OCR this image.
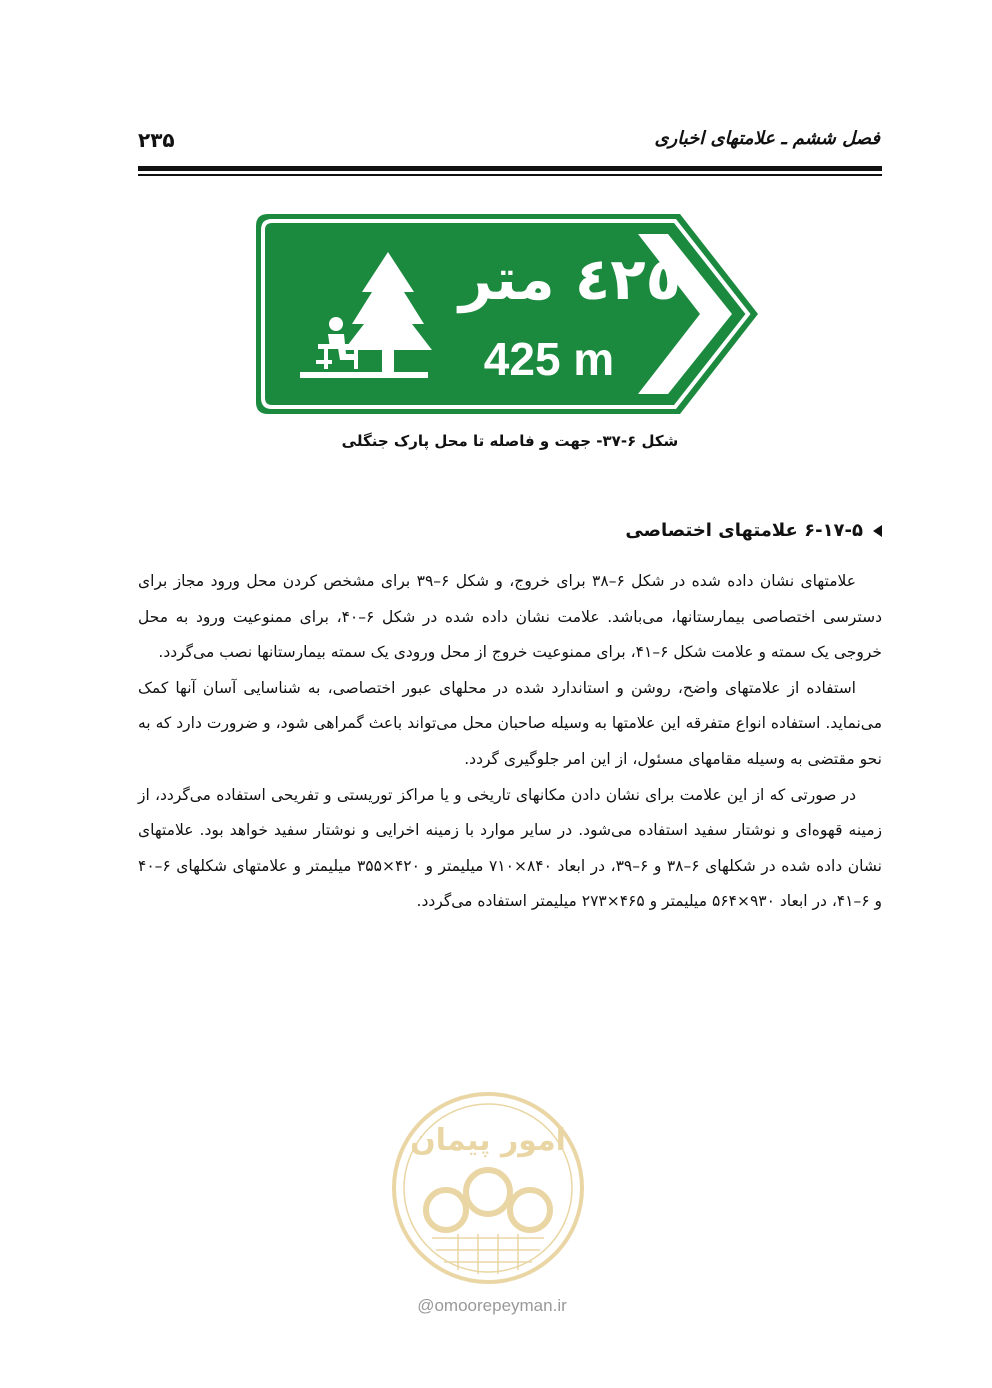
۲۳۵	فصل ششم ـ علامتهای اخباری
٤٢٥ متر
425 m
شکل ۶-۳۷- جهت و فاصله تا محل پارک جنگلی
۶-۱۷-۵ علامتهای اختصاصی

علامتهای نشان داده شده در شکل ۶–۳۸ برای خروج، و شکل ۶–۳۹ برای مشخص کردن محل ورود مجاز برای دسترسی اختصاصی بیمارستانها، می‌باشد. علامت نشان داده شده در شکل ۶–۴۰، برای ممنوعیت ورود به محل خروجی یک سمته و علامت شکل ۶–۴۱، برای ممنوعیت خروج از محل ورودی یک سمته بیمارستانها نصب می‌گردد.

استفاده از علامتهای واضح، روشن و استاندارد شده در محلهای عبور اختصاصی، به شناسایی آسان آنها کمک می‌نماید. استفاده انواع متفرقه این علامتها به وسیله صاحبان محل می‌تواند باعث گمراهی شود، و ضرورت دارد که به نحو مقتضی به وسیله مقامهای مسئول، از این امر جلوگیری گردد.

در صورتی که از این علامت برای نشان دادن مکانهای تاریخی و یا مراکز توریستی و تفریحی استفاده می‌گردد، از زمینه قهوه‌ای و نوشتار سفید استفاده می‌شود. در سایر موارد با زمینه اخرایی و نوشتار سفید خواهد بود. علامتهای نشان داده شده در شکلهای ۶–۳۸ و ۶–۳۹، در ابعاد ۸۴۰×۷۱۰ میلیمتر و ۴۲۰×۳۵۵ میلیمتر و علامتهای شکلهای ۶–۴۰ و ۶–۴۱، در ابعاد ۹۳۰×۵۶۴ میلیمتر و ۴۶۵×۲۷۳ میلیمتر استفاده می‌گردد.

امور پیمان
@omoorepeyman.ir
